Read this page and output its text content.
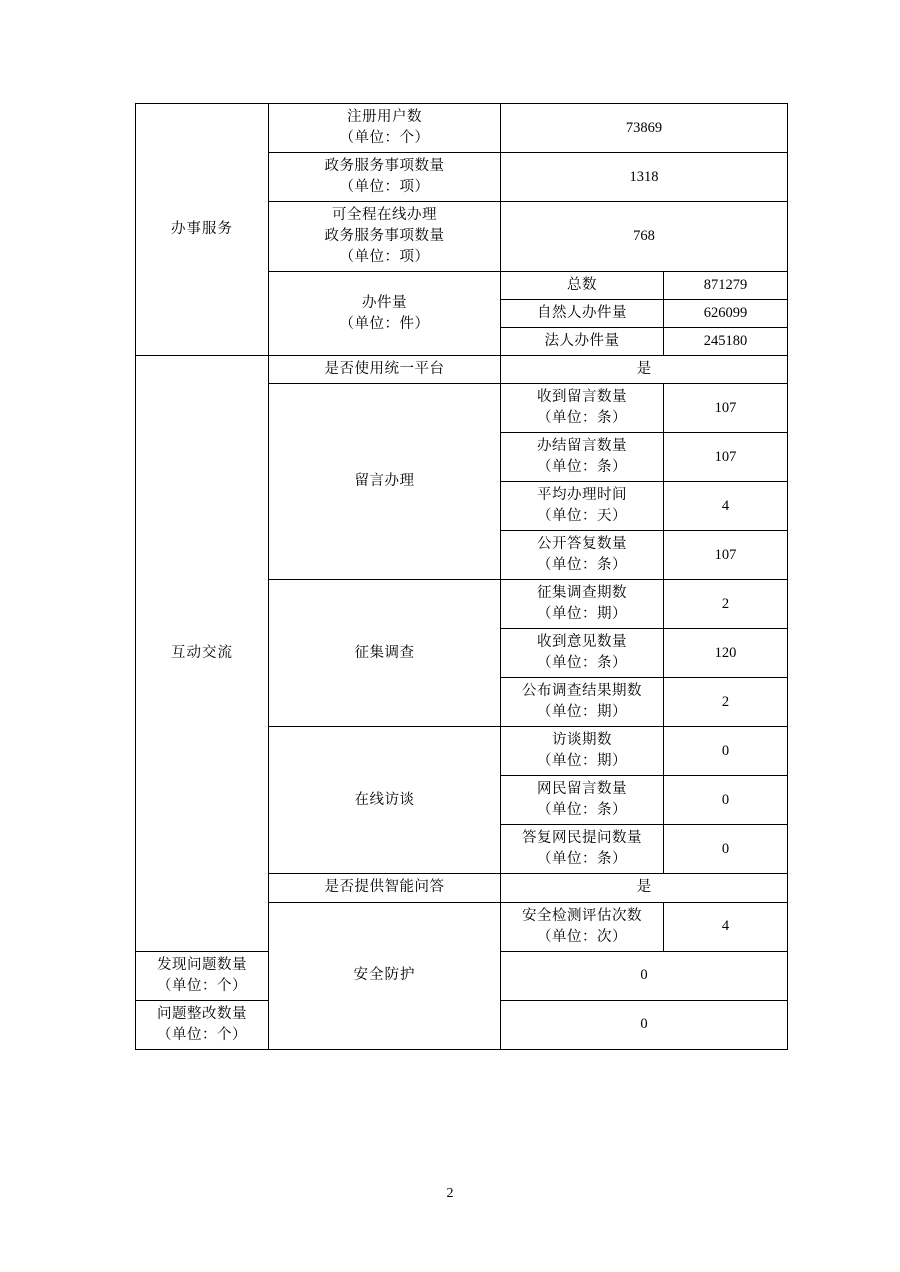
办事服务	注册用户数
（单位：个）	73869	
	政务服务事项数量
（单位：项）	1318	
	可全程在线办理
政务服务事项数量
（单位：项）	768	
	办件量
（单位：件）	总数	871279
		自然人办件量	626099
		法人办件量	245180
互动交流	是否使用统一平台	是	
	留言办理	收到留言数量
（单位：条）	107
		办结留言数量
（单位：条）	107
		平均办理时间
（单位：天）	4
		公开答复数量
（单位：条）	107
	征集调查	征集调查期数
（单位：期）	2
		收到意见数量
（单位：条）	120
		公布调查结果期数
（单位：期）	2
	在线访谈	访谈期数
（单位：期）	0
		网民留言数量
（单位：条）	0
		答复网民提问数量
（单位：条）	0
	是否提供智能问答	是	
	安全防护	安全检测评估次数
（单位：次）	4
发现问题数量
（单位：个）		0	
问题整改数量
（单位：个）		0	
2
